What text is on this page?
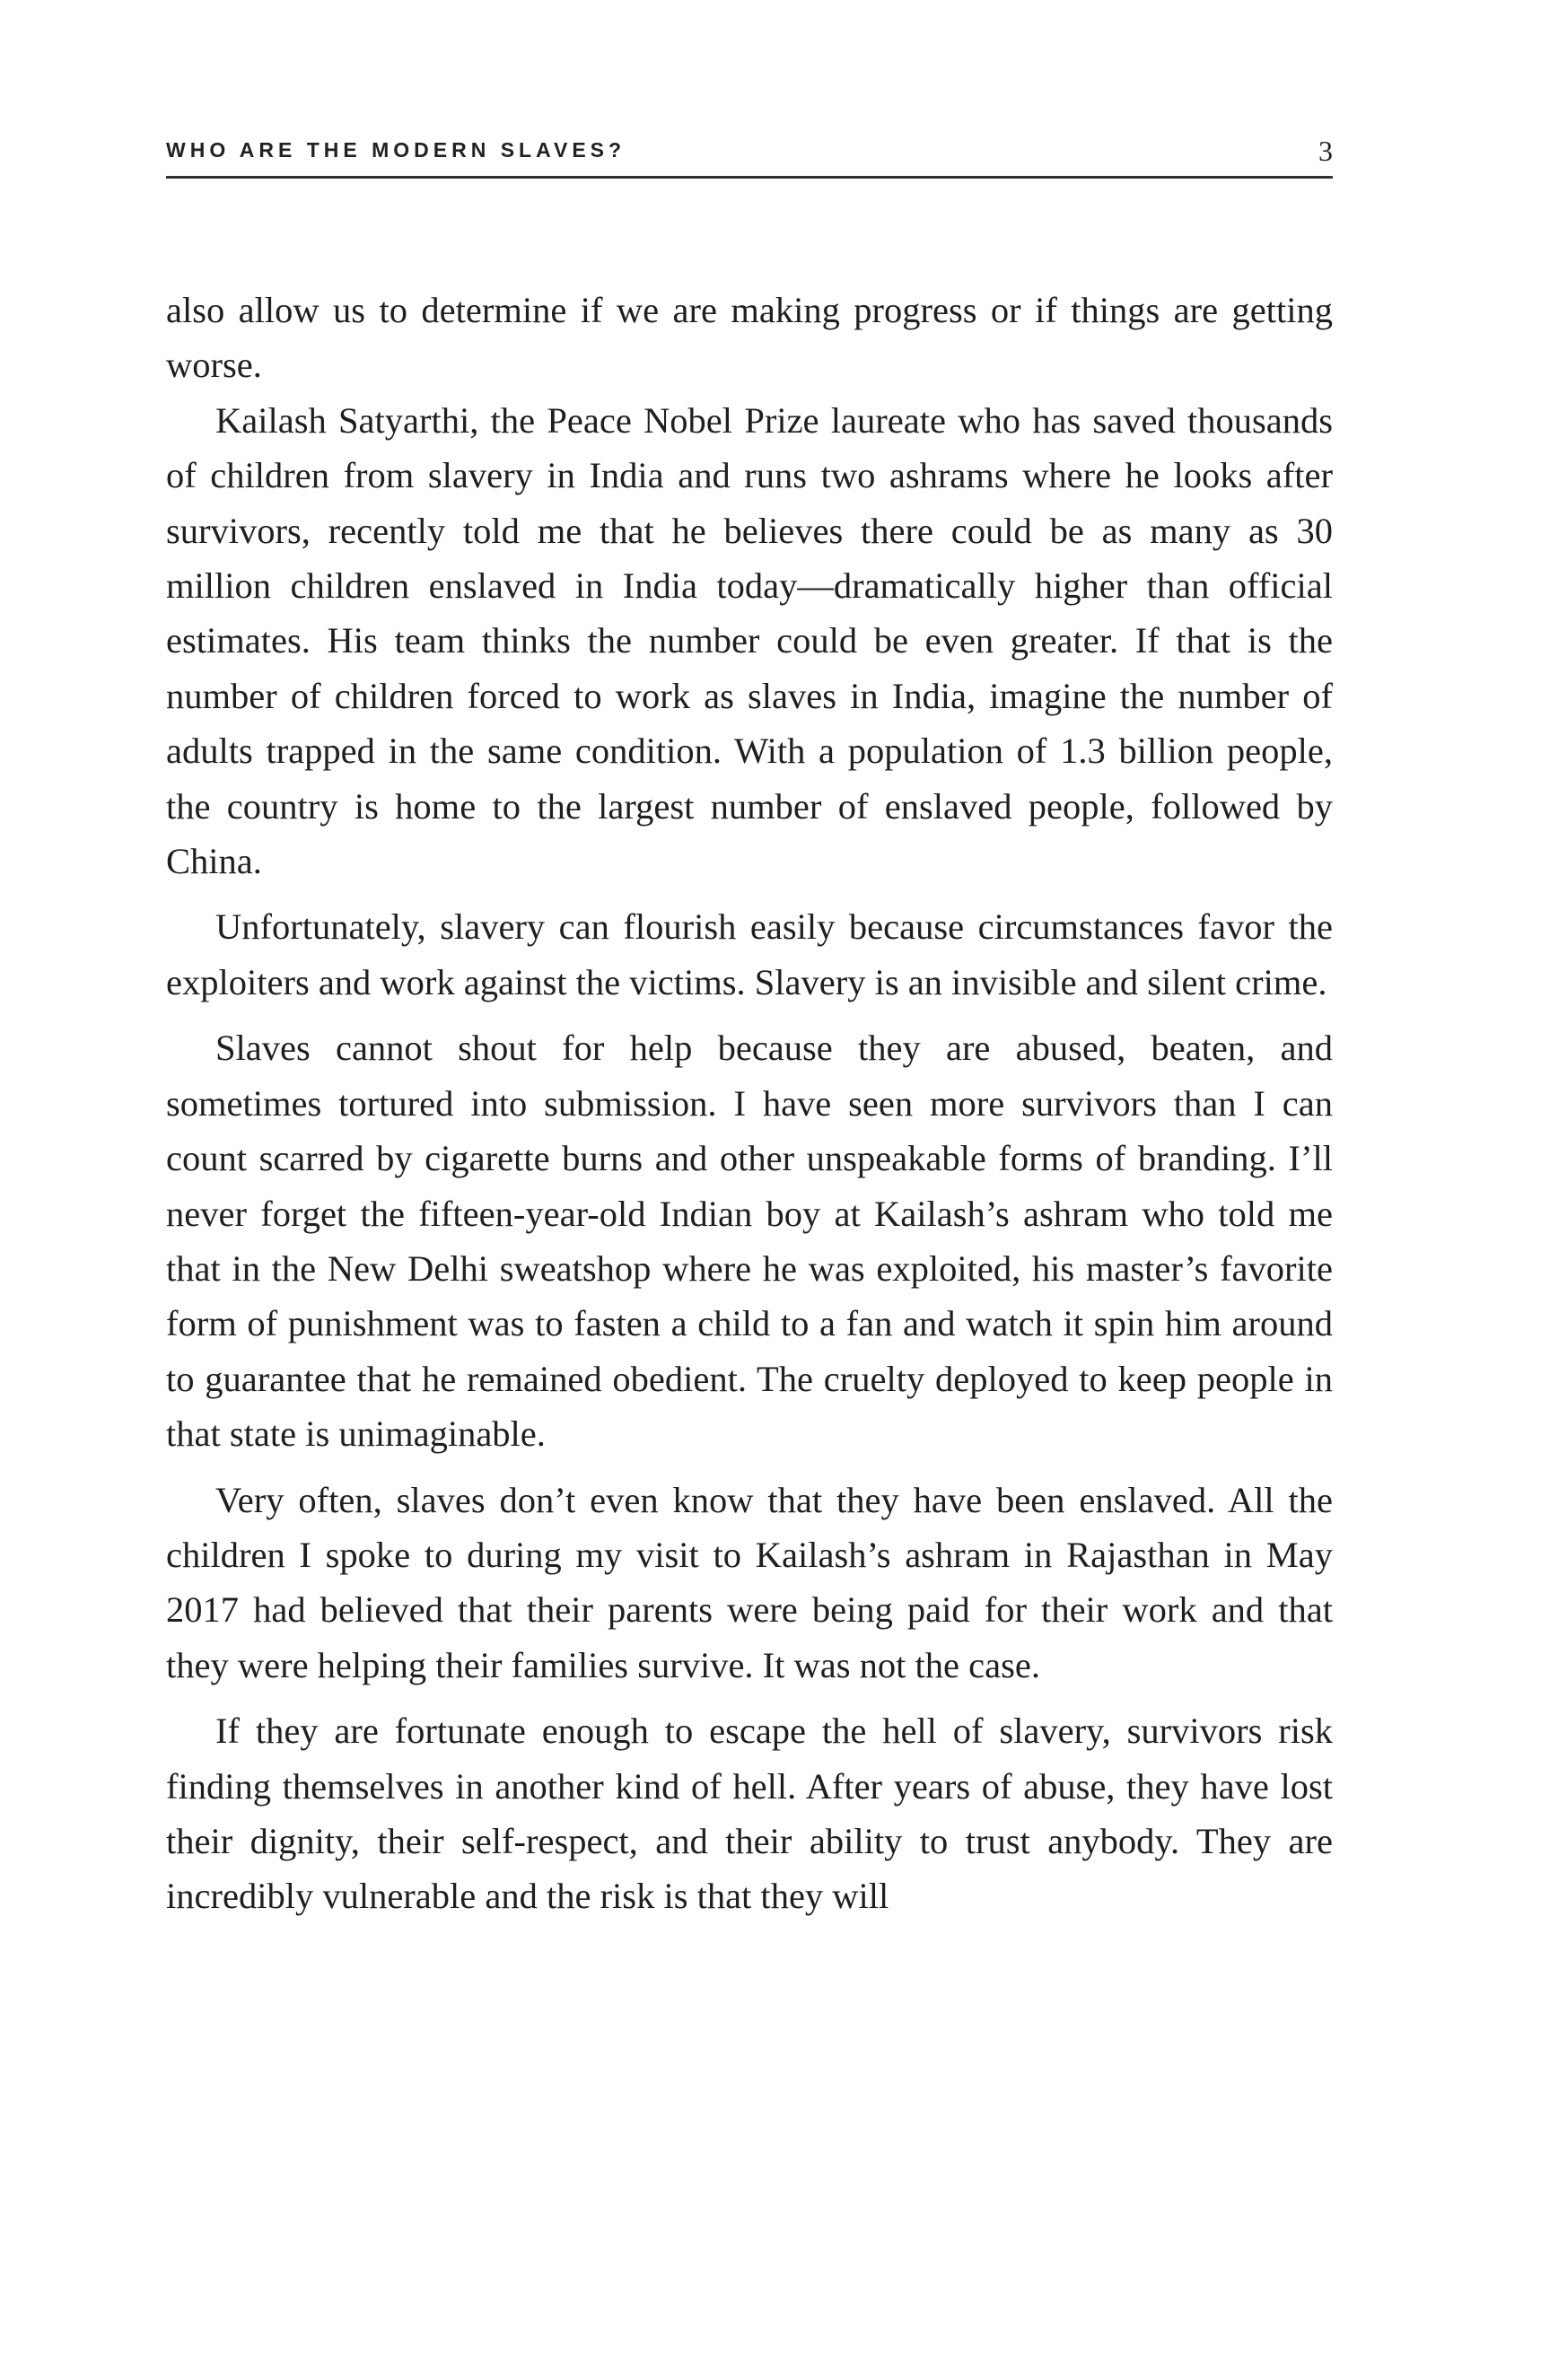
WHO ARE THE MODERN SLAVES?	3

also allow us to determine if we are making progress or if things are getting worse.

Kailash Satyarthi, the Peace Nobel Prize laureate who has saved thousands of children from slavery in India and runs two ashrams where he looks after survivors, recently told me that he believes there could be as many as 30 million children enslaved in India today—dramatically higher than official estimates. His team thinks the number could be even greater. If that is the number of children forced to work as slaves in India, imagine the number of adults trapped in the same condition. With a population of 1.3 billion people, the country is home to the largest number of enslaved people, followed by China.

Unfortunately, slavery can flourish easily because circumstances favor the exploiters and work against the victims. Slavery is an invisible and silent crime.

Slaves cannot shout for help because they are abused, beaten, and sometimes tortured into submission. I have seen more survivors than I can count scarred by cigarette burns and other unspeakable forms of branding. I’ll never forget the fifteen-year-old Indian boy at Kailash’s ashram who told me that in the New Delhi sweatshop where he was exploited, his master’s favorite form of punishment was to fasten a child to a fan and watch it spin him around to guarantee that he remained obedient. The cruelty deployed to keep people in that state is unimaginable.

Very often, slaves don’t even know that they have been enslaved. All the children I spoke to during my visit to Kailash’s ashram in Rajasthan in May 2017 had believed that their parents were being paid for their work and that they were helping their families survive. It was not the case.

If they are fortunate enough to escape the hell of slavery, survivors risk finding themselves in another kind of hell. After years of abuse, they have lost their dignity, their self-respect, and their ability to trust anybody. They are incredibly vulnerable and the risk is that they will
